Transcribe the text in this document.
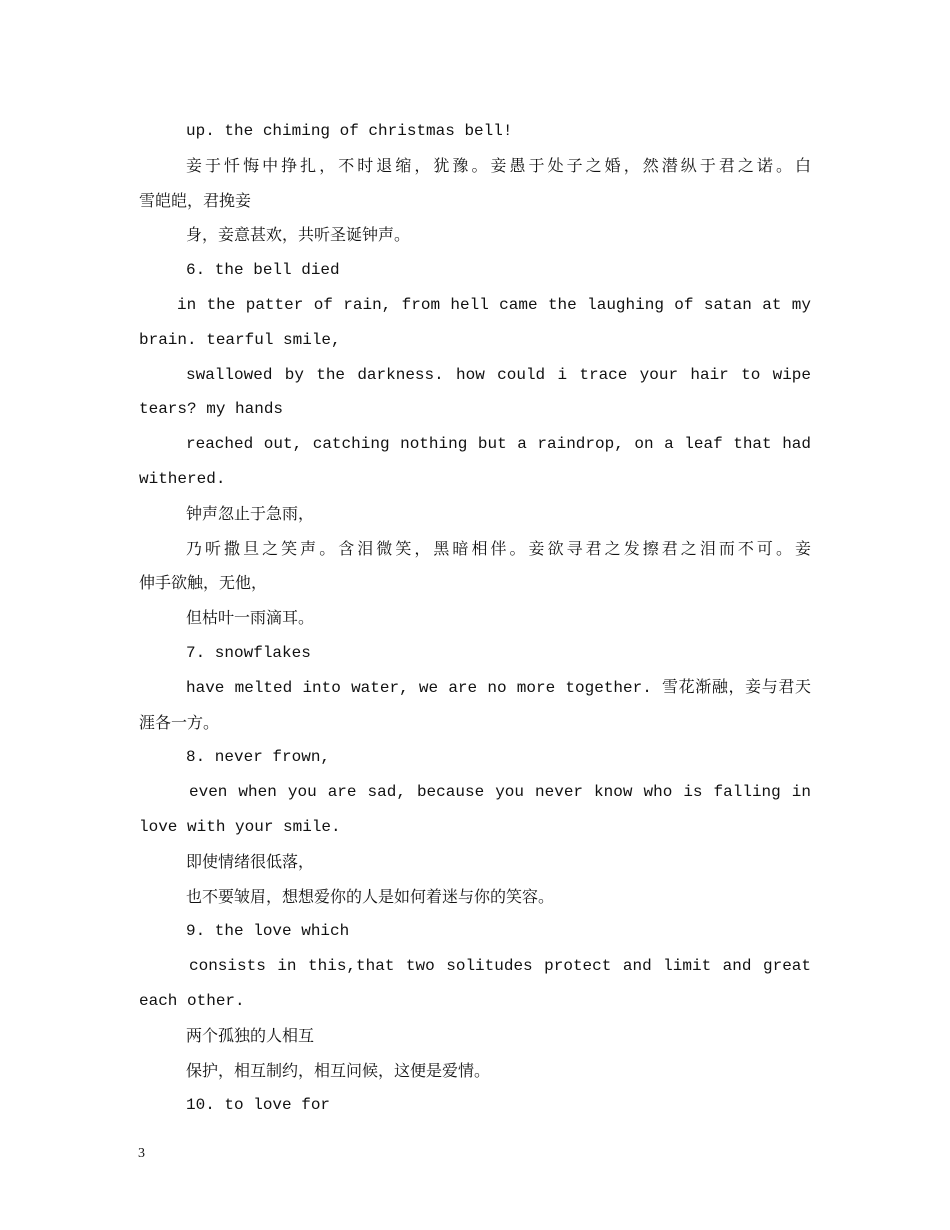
up. the chiming of christmas bell!
妾于忏悔中挣扎，不时退缩，犹豫。妾愚于处子之婚，然潜纵于君之诺。白
雪皑皑，君挽妾
身，妾意甚欢，共听圣诞钟声。
6. the bell died
in the patter of rain, from hell came the laughing of satan at my
brain. tearful smile,
swallowed by the darkness. how could i trace your hair to wipe
tears? my hands
reached out, catching nothing but a raindrop, on a leaf that had
withered.
钟声忽止于急雨，
乃听撒旦之笑声。含泪微笑，黑暗相伴。妾欲寻君之发擦君之泪而不可。妾
伸手欲触，无他，
但枯叶一雨滴耳。
7. snowflakes
have melted into water, we are no more together. 雪花渐融，妾与君天
涯各一方。
8. never frown,
even when you are sad, because you never know who is falling in
love with your smile.
即使情绪很低落，
也不要皱眉，想想爱你的人是如何着迷与你的笑容。
9. the love which
consists in this,that two solitudes protect and limit and great
each other.
两个孤独的人相互
保护，相互制约，相互问候，这便是爱情。
10. to love for
3
